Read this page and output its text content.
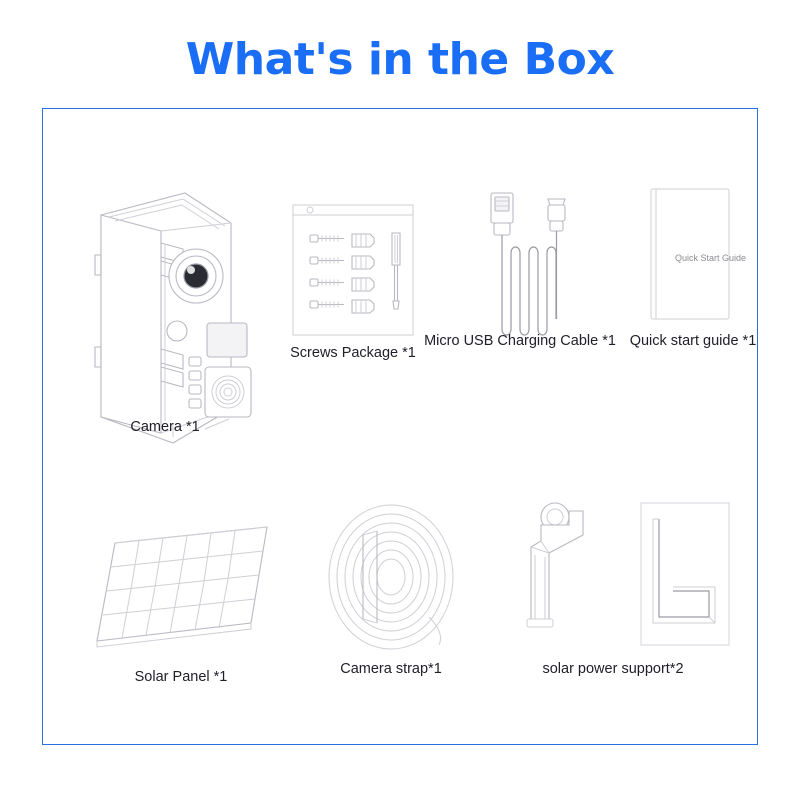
What's in the Box
Camera *1
Screws Package *1
Micro USB Charging Cable *1
Quick Start Guide
Quick start guide *1
Solar Panel *1	Camera strap*1	solar power support*2
